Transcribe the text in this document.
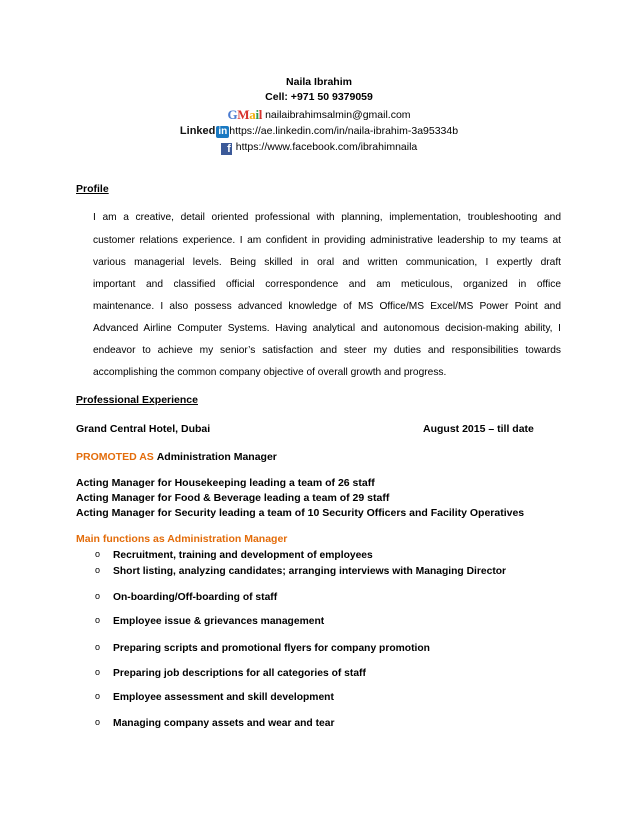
Naila Ibrahim
Cell: +971 50 9379059
GMail nailaibrahimsalmin@gmail.com
Linked in https://ae.linkedin.com/in/naila-ibrahim-3a95334b
f https://www.facebook.com/ibrahimnaila
Profile
I am a creative, detail oriented professional with planning, implementation, troubleshooting and
customer relations experience. I am confident in providing administrative leadership to my teams at
various managerial levels. Being skilled in oral and written communication, I expertly draft
important and classified official correspondence and am meticulous, organized in office
maintenance. I also possess advanced knowledge of MS Office/MS Excel/MS Power Point and
Advanced Airline Computer Systems. Having analytical and autonomous decision-making ability, I
endeavor to achieve my senior’s satisfaction and steer my duties and responsibilities towards
accomplishing the common company objective of overall growth and progress.
Professional Experience
Grand Central Hotel, Dubai	August 2015 – till date
PROMOTED AS Administration Manager
Acting Manager for Housekeeping leading a team of 26 staff
Acting Manager for Food & Beverage leading a team of 29 staff
Acting Manager for Security leading a team of 10 Security Officers and Facility Operatives
Main functions as Administration Manager
o Recruitment, training and development of employees
o Short listing, analyzing candidates; arranging interviews with Managing Director
o On-boarding/Off-boarding of staff
o Employee issue & grievances management
o Preparing scripts and promotional flyers for company promotion
o Preparing job descriptions for all categories of staff
o Employee assessment and skill development
o Managing company assets and wear and tear
